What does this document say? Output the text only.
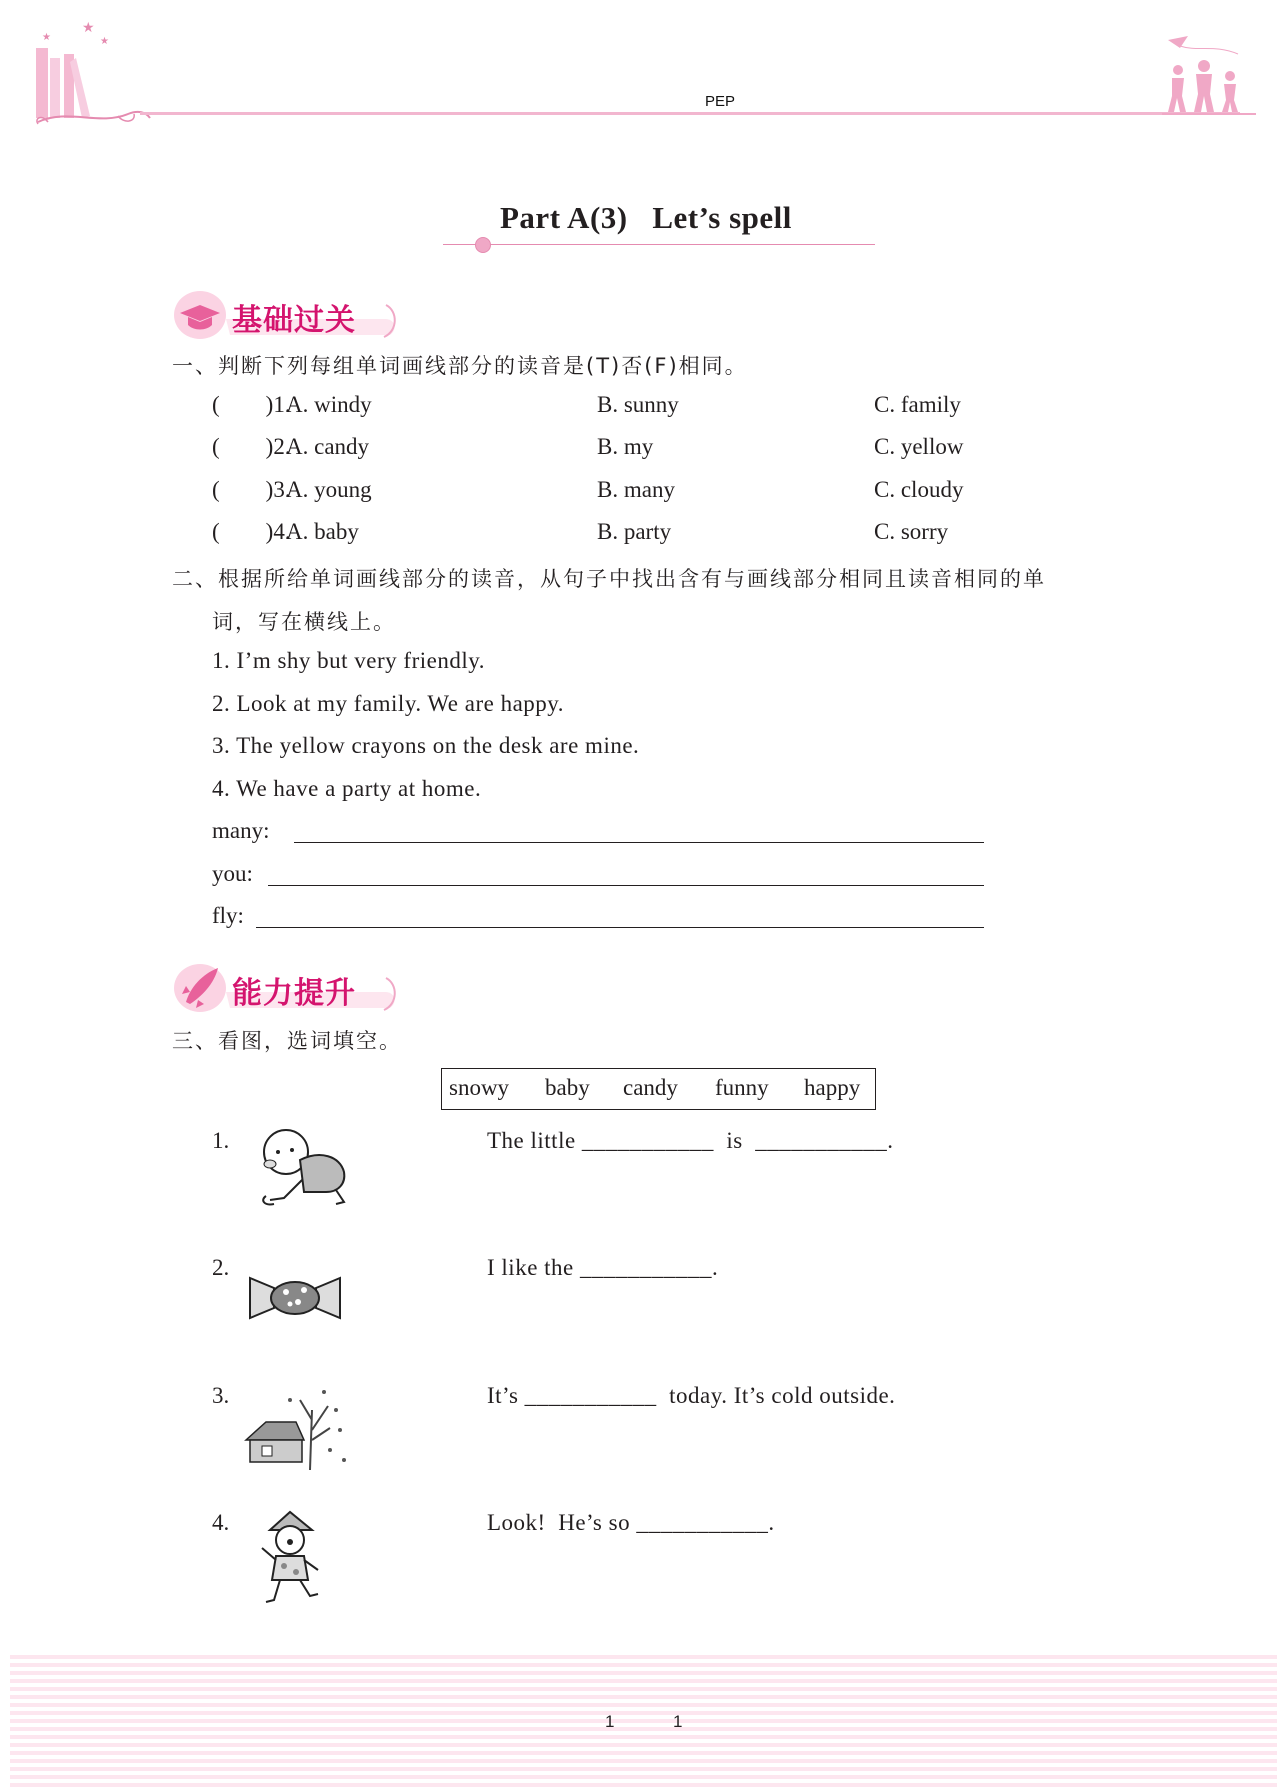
★
★
★
PEP
Part A(3)   Let’s spell
基础过关
一、判断下列每组单词画线部分的读音是(T)否(F)相同。
(        )1.
A. windy	B. sunny	C. family
(        )2.
A. candy	B. my	C. yellow
(        )3.
A. young	B. many	C. cloudy
(        )4.
A. baby	B. party	C. sorry
二、根据所给单词画线部分的读音，从句子中找出含有与画线部分相同且读音相同的单
词，写在横线上。
1. I’m shy but very friendly.
2. Look at my family. We are happy.
3. The yellow crayons on the desk are mine.
4. We have a party at home.
many:
you:
fly:
能力提升
三、看图，选词填空。
snowy baby candy funny happy
1.	The little ___________  is  ___________.
2.	I like the ___________.
3.	It’s ___________  today. It’s cold outside.
4.	Look!  He’s so ___________.
1	1
